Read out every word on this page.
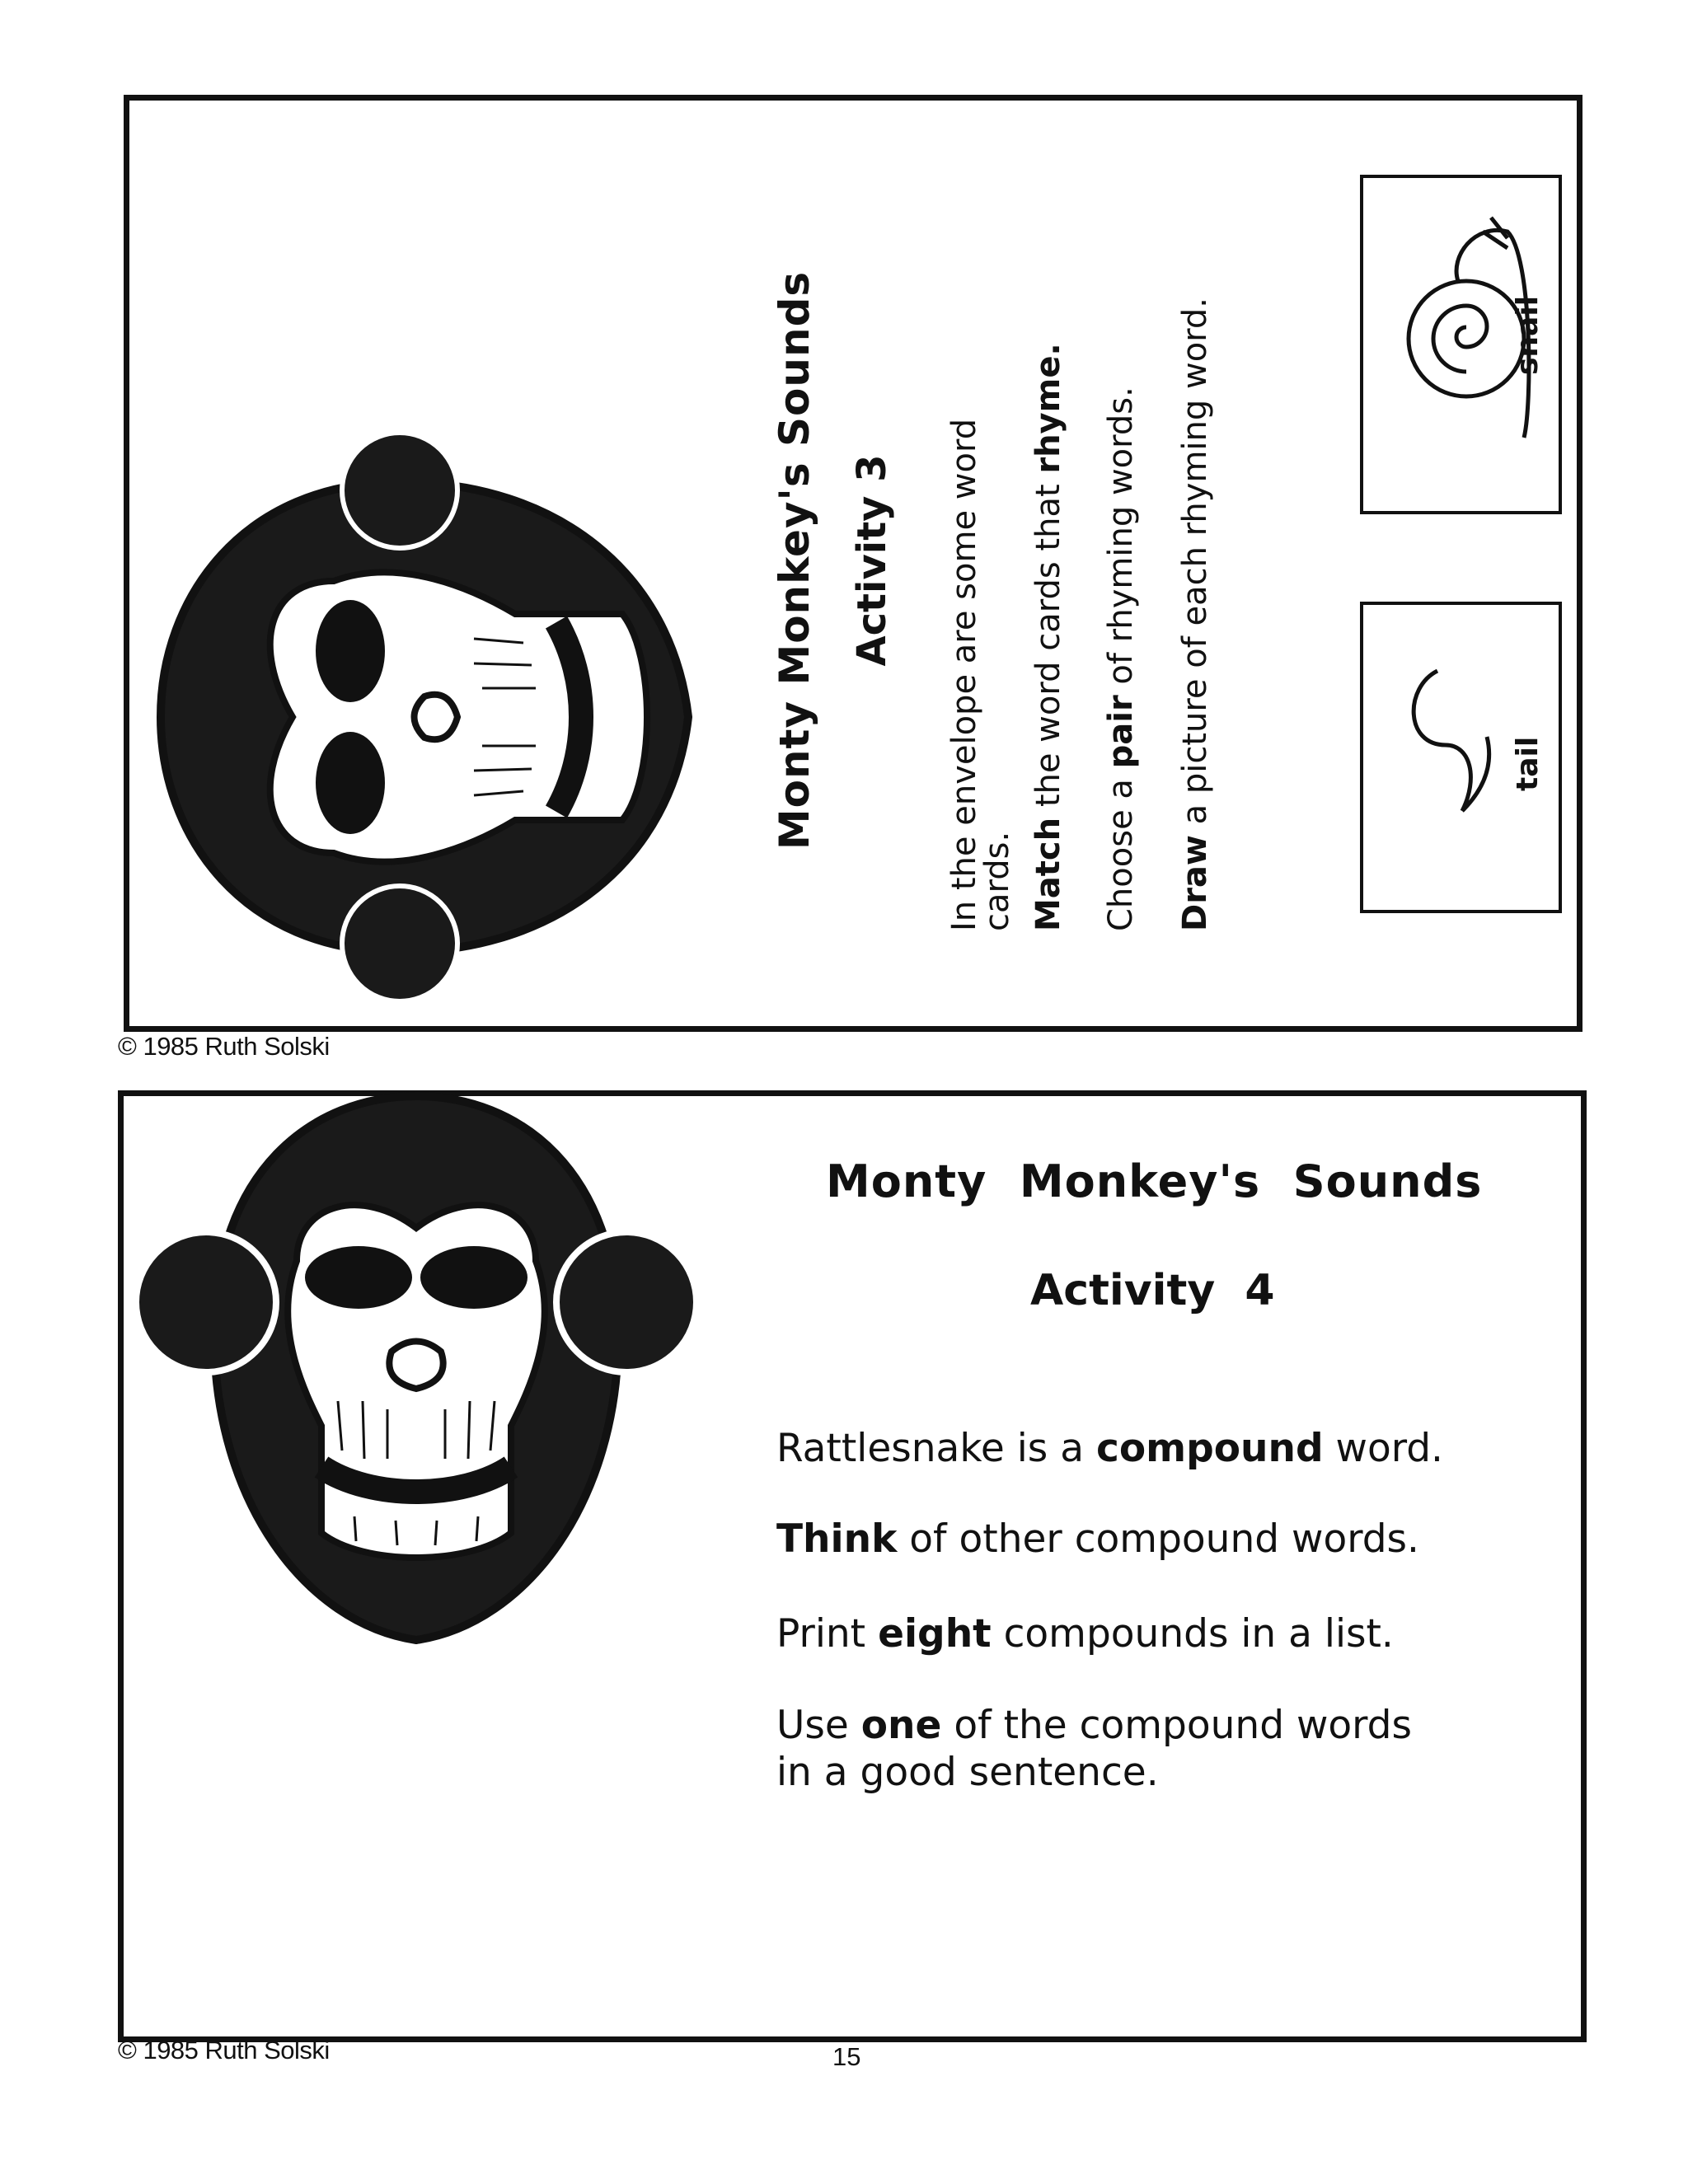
Monty Monkey's Sounds Activity 3 In the envelope are some word
cards. Match the word cards that rhyme.
Choose a pair of rhyming words.
Draw a picture of each rhyming word.	snail
tail
© 1985 Ruth Solski
Monty  Monkey's  Sounds
Activity  4
Rattlesnake is a compound word.
Think of other compound words.
Print eight compounds in a list.
Use one of the compound words
in a good sentence.
© 1985 Ruth Solski	15
